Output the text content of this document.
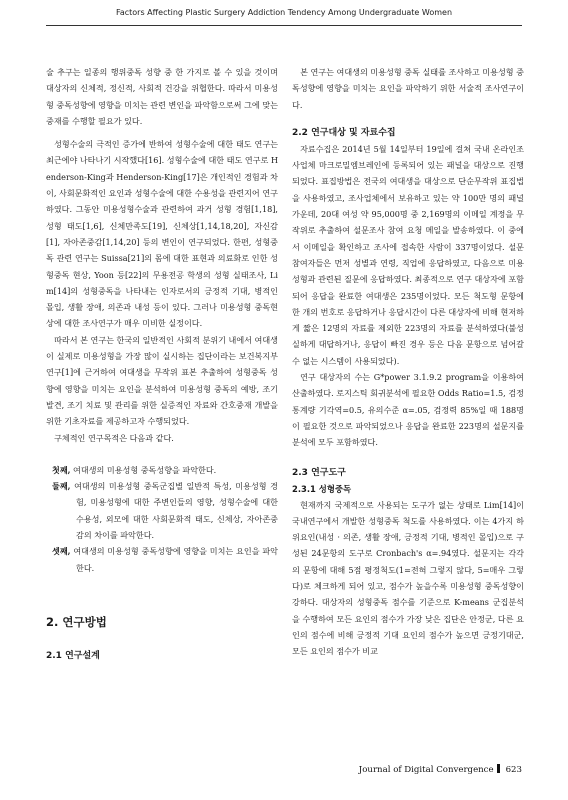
Factors Affecting Plastic Surgery Addiction Tendency Among Undergraduate Women

술 추구는 일종의 행위중독 성향 중 한 가지로 볼 수 있을 것이며 대상자의 신체적, 정신적, 사회적 건강을 위협한다. 따라서 미용성형 중독성향에 영향을 미치는 관련 변인을 파악함으로써 그에 맞는 중재를 수행할 필요가 있다.

성형수술의 극적인 증가에 반하여 성형수술에 대한 태도 연구는 최근에야 나타나기 시작했다[16]. 성형수술에 대한 태도 연구로 Henderson-King과 Henderson-King[17]은 개인적인 경험과 차이, 사회문화적인 요인과 성형수술에 대한 수용성을 관련지어 연구하였다. 그동안 미용성형수술과 관련하여 과거 성형 경험[1,18], 성형 태도[1,6], 신체만족도[19], 신체상[1,14,18,20], 자신감[1], 자아존중감[1,14,20] 등의 변인이 연구되었다. 한편, 성형중독 관련 연구는 Suissa[21]의 몸에 대한 표현과 의료화로 인한 성형중독 현상, Yoon 등[22]의 무용전공 학생의 성형 실태조사, Lim[14]의 성형중독을 나타내는 인자로서의 긍정적 기대, 병적인 몰입, 생활 장애, 의존과 내성 등이 있다. 그러나 미용성형 중독현상에 대한 조사연구가 매우 미비한 실정이다.

따라서 본 연구는 한국의 일반적인 사회적 분위기 내에서 여대생이 실제로 미용성형을 가장 많이 실시하는 집단이라는 보건복지부 연구[1]에 근거하여 여대생을 무작위 표본 추출하여 성형중독 성향에 영향을 미치는 요인을 분석하여 미용성형 중독의 예방, 조기 발견, 조기 치료 및 관리를 위한 실증적인 자료와 간호중재 개발을 위한 기초자료를 제공하고자 수행되었다.

구체적인 연구목적은 다음과 같다.

첫째, 여대생의 미용성형 중독성향을 파악한다.

둘째, 여대생의 미용성형 중독군집별 일반적 특성, 미용성형 경험, 미용성형에 대한 주변인들의 영향, 성형수술에 대한 수용성, 외모에 대한 사회문화적 태도, 신체상, 자아존중감의 차이를 파악한다.

셋째, 여대생의 미용성형 중독성향에 영향을 미치는 요인을 파악한다.

2. 연구방법
2.1 연구설계

본 연구는 여대생의 미용성형 중독 실태를 조사하고 미용성형 중독성향에 영향을 미치는 요인을 파악하기 위한 서술적 조사연구이다.

2.2 연구대상 및 자료수집

자료수집은 2014년 5월 14일부터 19일에 걸쳐 국내 온라인조사업체 마크로밀엠브레인에 등록되어 있는 패널을 대상으로 진행되었다. 표집방법은 전국의 여대생을 대상으로 단순무작위 표집법을 사용하였고, 조사업체에서 보유하고 있는 약 100만 명의 패널 가운데, 20대 여성 약 95,000명 중 2,169명의 이메일 계정을 무작위로 추출하여 설문조사 참여 요청 메일을 발송하였다. 이 중에서 이메일을 확인하고 조사에 접속한 사람이 337명이었다. 설문 참여자들은 먼저 성별과 연령, 직업에 응답하였고, 다음으로 미용성형과 관련된 질문에 응답하였다. 최종적으로 연구 대상자에 포함되어 응답을 완료한 여대생은 235명이었다. 모든 척도형 문항에 한 개의 번호로 응답하거나 응답시간이 다른 대상자에 비해 현저하게 짧은 12명의 자료를 제외한 223명의 자료를 분석하였다(불성실하게 대답하거나, 응답이 빠진 경우 등은 다음 문항으로 넘어갈 수 없는 시스템이 사용되었다).

연구 대상자의 수는 G*power 3.1.9.2 program을 이용하여 산출하였다. 로지스틱 회귀분석에 필요한 Odds Ratio=1.5, 검정통계량 기각역=0.5, 유의수준 α=.05, 검정력 85%일 때 188명이 필요한 것으로 파악되었으나 응답을 완료한 223명의 설문지를 분석에 모두 포함하였다.

2.3 연구도구
2.3.1 성형중독

현재까지 국제적으로 사용되는 도구가 없는 상태로 Lim[14]이 국내연구에서 개발한 성형중독 척도를 사용하였다. 이는 4가지 하위요인(내성 · 의존, 생활 장애, 긍정적 기대, 병적인 몰입)으로 구성된 24문항의 도구로 Cronbach's α=.94였다. 설문지는 각각의 문항에 대해 5점 평정척도(1=전혀 그렇지 않다, 5=매우 그렇다)로 체크하게 되어 있고, 점수가 높을수록 미용성형 중독성향이 강하다. 대상자의 성형중독 점수를 기준으로 K-means 군집분석을 수행하여 모든 요인의 점수가 가장 낮은 집단은 안정군, 다른 요인의 점수에 비해 긍정적 기대 요인의 점수가 높으면 긍정기대군, 모든 요인의 점수가 비교

Journal of Digital Convergence 623
